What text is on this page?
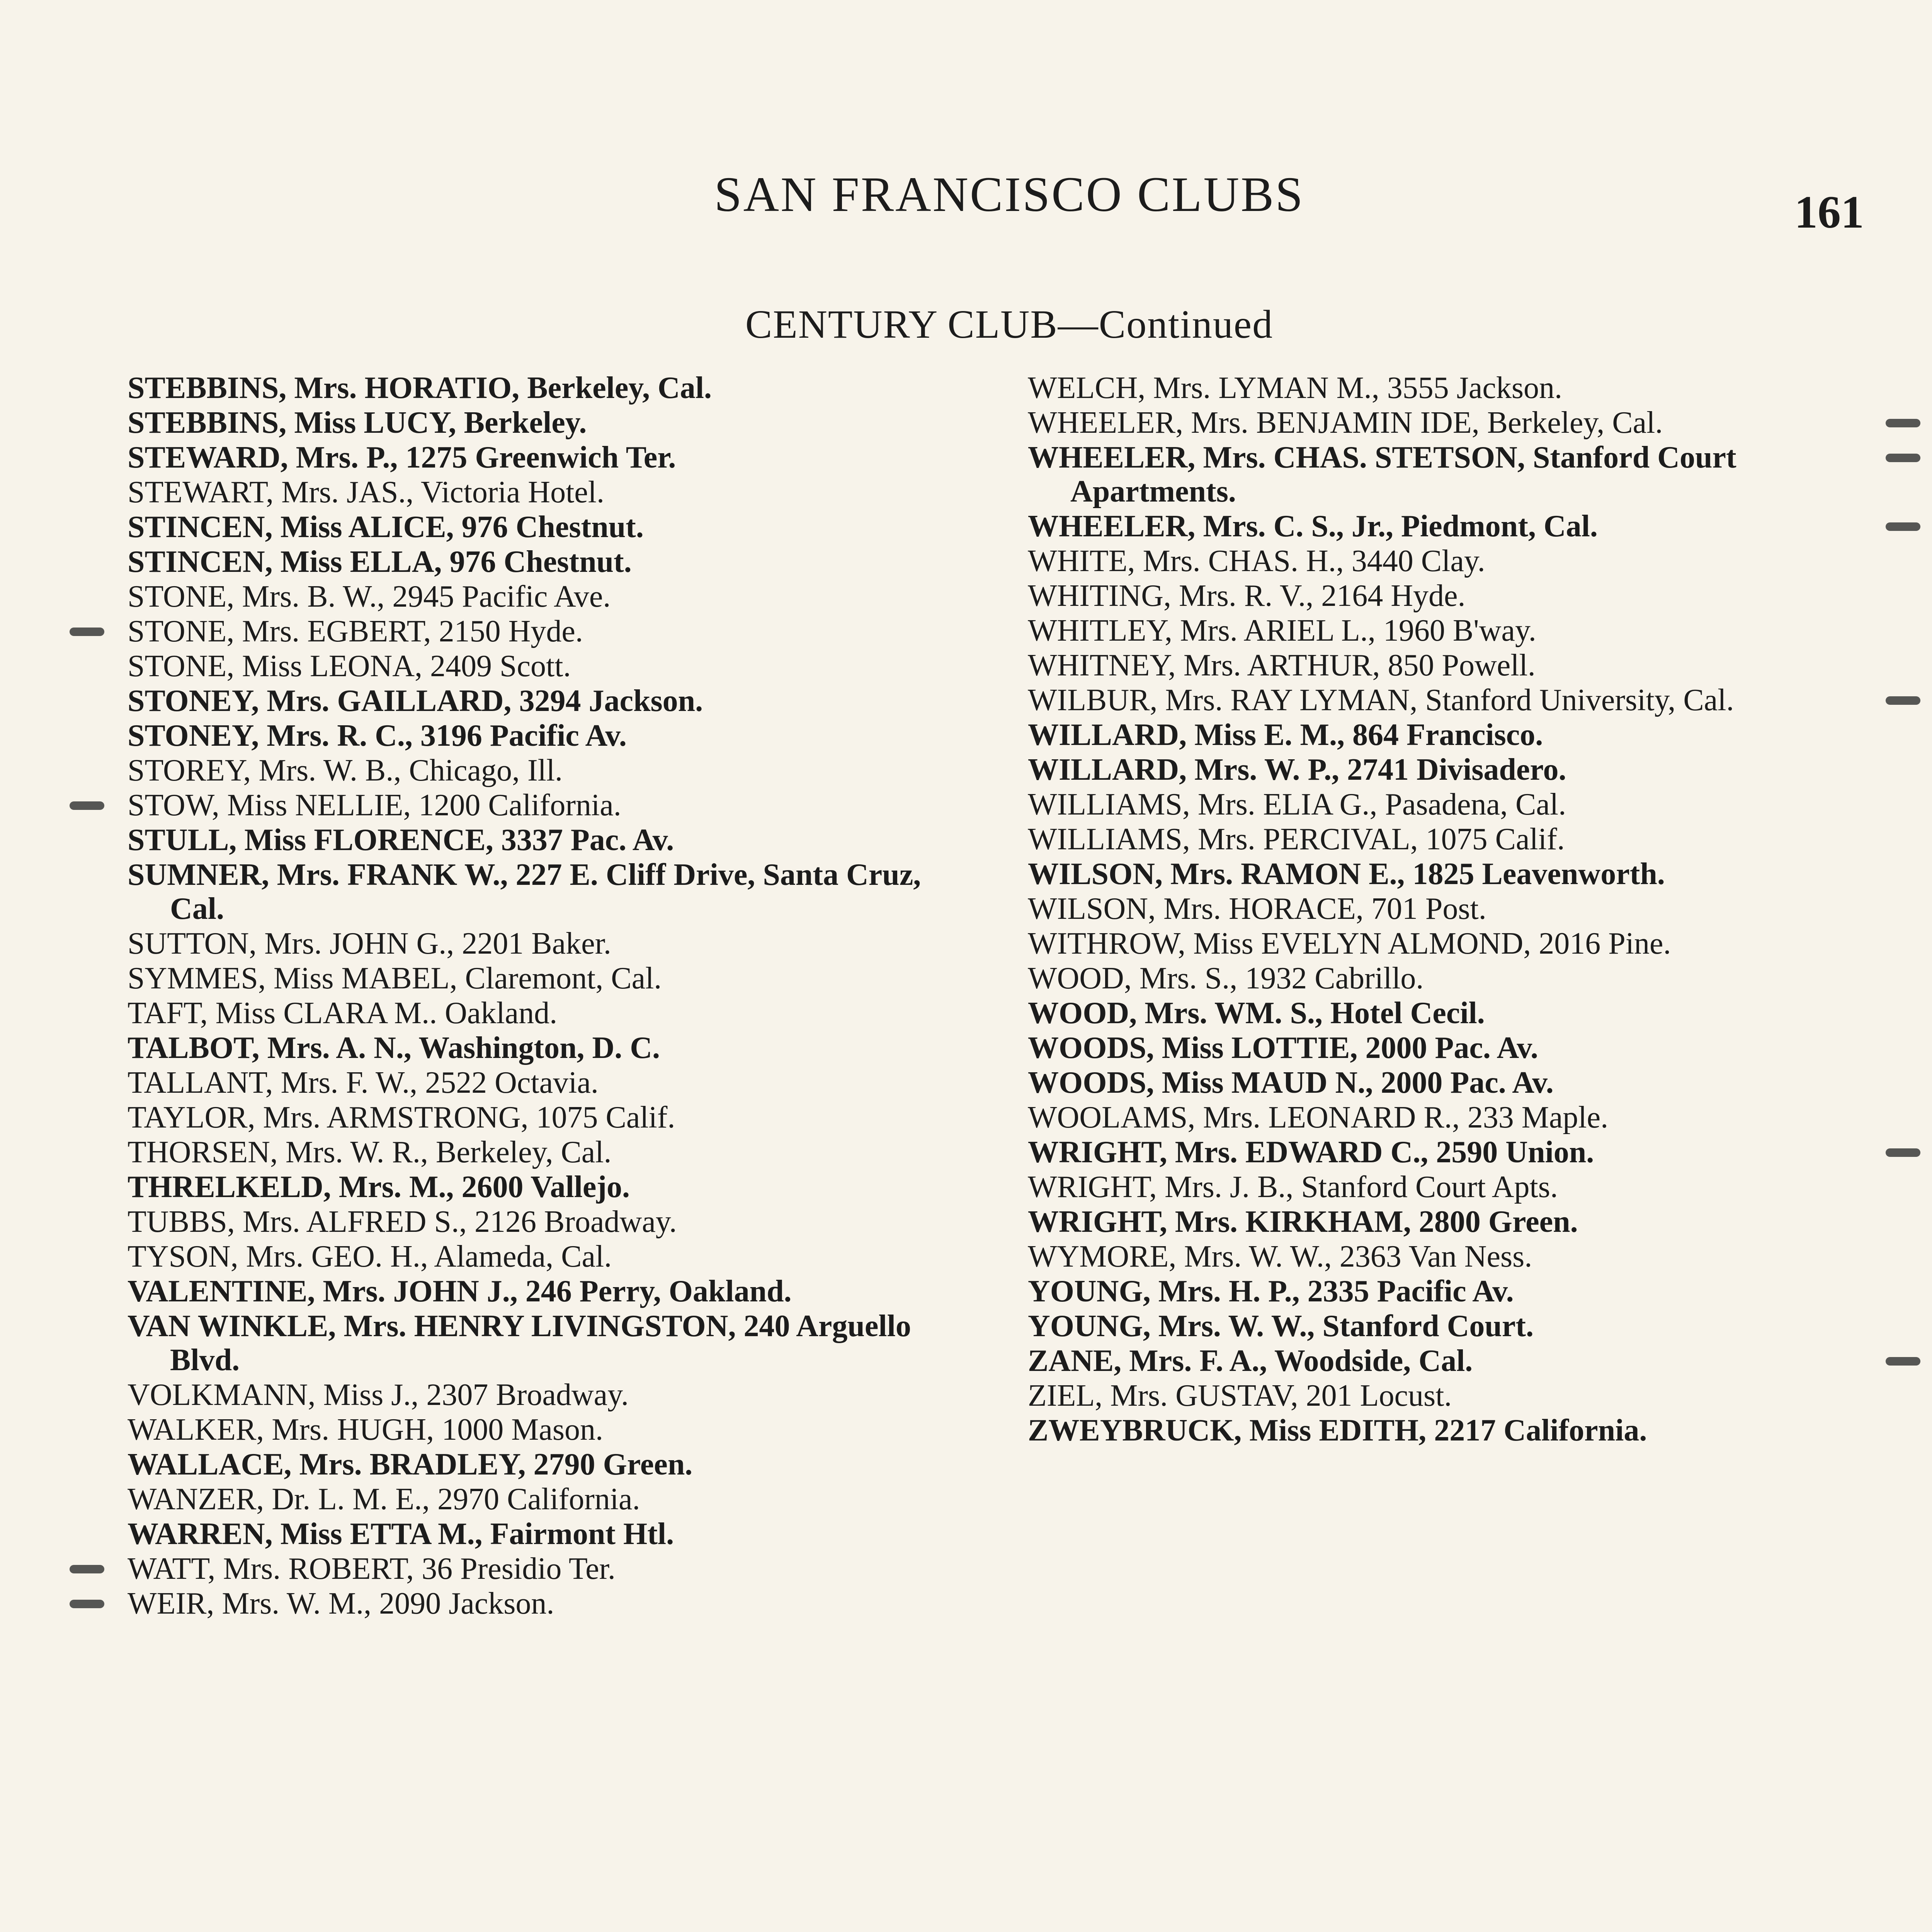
SAN FRANCISCO CLUBS	161
CENTURY CLUB—Continued
STEBBINS, Mrs. HORATIO, Berkeley, Cal.
STEBBINS, Miss LUCY, Berkeley.
STEWARD, Mrs. P., 1275 Greenwich Ter.
STEWART, Mrs. JAS., Victoria Hotel.
STINCEN, Miss ALICE, 976 Chestnut.
STINCEN, Miss ELLA, 976 Chestnut.
STONE, Mrs. B. W., 2945 Pacific Ave.
STONE, Mrs. EGBERT, 2150 Hyde.
STONE, Miss LEONA, 2409 Scott.
STONEY, Mrs. GAILLARD, 3294 Jackson.
STONEY, Mrs. R. C., 3196 Pacific Av.
STOREY, Mrs. W. B., Chicago, Ill.
STOW, Miss NELLIE, 1200 California.
STULL, Miss FLORENCE, 3337 Pac. Av.
SUMNER, Mrs. FRANK W., 227 E. Cliff Drive, Santa Cruz, Cal.
SUTTON, Mrs. JOHN G., 2201 Baker.
SYMMES, Miss MABEL, Claremont, Cal.
TAFT, Miss CLARA M.. Oakland.
TALBOT, Mrs. A. N., Washington, D. C.
TALLANT, Mrs. F. W., 2522 Octavia.
TAYLOR, Mrs. ARMSTRONG, 1075 Calif.
THORSEN, Mrs. W. R., Berkeley, Cal.
THRELKELD, Mrs. M., 2600 Vallejo.
TUBBS, Mrs. ALFRED S., 2126 Broadway.
TYSON, Mrs. GEO. H., Alameda, Cal.
VALENTINE, Mrs. JOHN J., 246 Perry, Oakland.
VAN WINKLE, Mrs. HENRY LIVINGSTON, 240 Arguello Blvd.
VOLKMANN, Miss J., 2307 Broadway.
WALKER, Mrs. HUGH, 1000 Mason.
WALLACE, Mrs. BRADLEY, 2790 Green.
WANZER, Dr. L. M. E., 2970 California.
WARREN, Miss ETTA M., Fairmont Htl.
WATT, Mrs. ROBERT, 36 Presidio Ter.
WEIR, Mrs. W. M., 2090 Jackson.
WELCH, Mrs. LYMAN M., 3555 Jackson.
WHEELER, Mrs. BENJAMIN IDE, Berkeley, Cal.
WHEELER, Mrs. CHAS. STETSON, Stanford Court Apartments.
WHEELER, Mrs. C. S., Jr., Piedmont, Cal.
WHITE, Mrs. CHAS. H., 3440 Clay.
WHITING, Mrs. R. V., 2164 Hyde.
WHITLEY, Mrs. ARIEL L., 1960 B'way.
WHITNEY, Mrs. ARTHUR, 850 Powell.
WILBUR, Mrs. RAY LYMAN, Stanford University, Cal.
WILLARD, Miss E. M., 864 Francisco.
WILLARD, Mrs. W. P., 2741 Divisadero.
WILLIAMS, Mrs. ELIA G., Pasadena, Cal.
WILLIAMS, Mrs. PERCIVAL, 1075 Calif.
WILSON, Mrs. RAMON E., 1825 Leavenworth.
WILSON, Mrs. HORACE, 701 Post.
WITHROW, Miss EVELYN ALMOND, 2016 Pine.
WOOD, Mrs. S., 1932 Cabrillo.
WOOD, Mrs. WM. S., Hotel Cecil.
WOODS, Miss LOTTIE, 2000 Pac. Av.
WOODS, Miss MAUD N., 2000 Pac. Av.
WOOLAMS, Mrs. LEONARD R., 233 Maple.
WRIGHT, Mrs. EDWARD C., 2590 Union.
WRIGHT, Mrs. J. B., Stanford Court Apts.
WRIGHT, Mrs. KIRKHAM, 2800 Green.
WYMORE, Mrs. W. W., 2363 Van Ness.
YOUNG, Mrs. H. P., 2335 Pacific Av.
YOUNG, Mrs. W. W., Stanford Court.
ZANE, Mrs. F. A., Woodside, Cal.
ZIEL, Mrs. GUSTAV, 201 Locust.
ZWEYBRUCK, Miss EDITH, 2217 California.
